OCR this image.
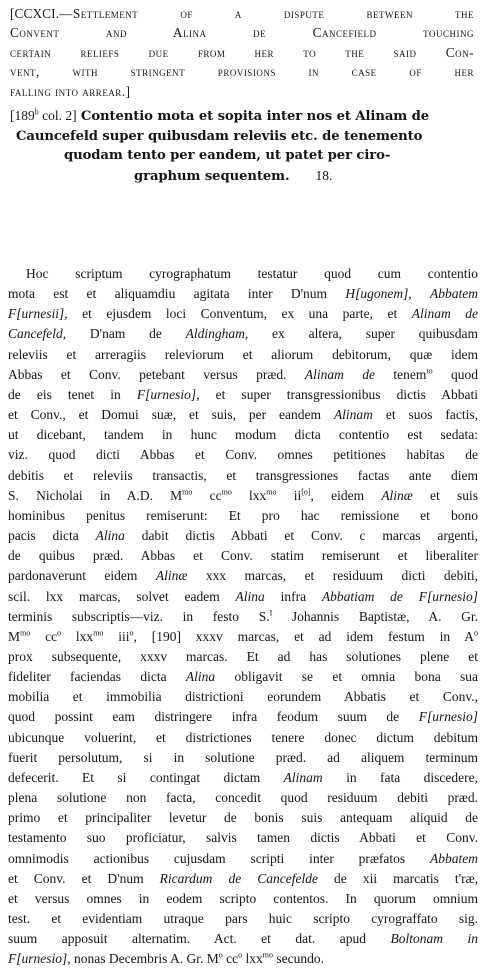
[CCXCI.—Settlement of a dispute between the
Convent and Alina de Cancefield touching
certain reliefs due from her to the said Con-
vent, with stringent provisions in case of her
falling into arrear.]
[189$^b$ col. 2] Contentio mota et sopita inter nos et Alinam de
Cauncefeld super quibusdam releviis etc. de tenemento
quodam tento per eandem, ut patet per ciro-
graphum sequentem. 18.
Hoc scriptum cyrographatum testatur quod cum contentio
mota est et aliquamdiu agitata inter D'num H[ugonem], Abbatem
F[urnesii], et ejusdem loci Conventum, ex una parte, et Alinam de
Cancefeld, D'nam de Aldingham, ex altera, super quibusdam
releviis et arreragiis releviorum et aliorum debitorum, quæ idem
Abbas et Conv. petebant versus præd. Alinam de tenem$^{to}$ quod
de eis tenet in F[urnesio], et super transgressionibus dictis Abbati
et Conv., et Domui suæ, et suis, per eandem Alinam et suos factis,
ut dicebant, tandem in hunc modum dicta contentio est sedata:
viz. quod dicti Abbas et Conv. omnes petitiones habitas de
debitis et releviis transactis, et transgressiones factas ante diem
S. Nicholai in A.D. $M^{mo}$ $cc^{mo}$ lxx$^{mo}$ ii[o], eidem Alinæ et suis
hominibus penitus remiserunt: Et pro hac remissione et bono
pacis dicta Alina dabit dictis Abbati et Conv. c marcas argenti,
de quibus præd. Abbas et Conv. statim remiserunt et liberaliter
pardonaverunt eidem Alinæ xxx marcas, et residuum dicti debiti,
scil. lxx marcas, solvet eadem Alina infra Abbatiam de F[urnesio]
terminis subscriptis—viz. in festo S.$^I$ Johannis Baptistæ, A. Gr.
$M^{mo}$ $cc^o$ lxx$^{mo}$ iii$^o$, [190] xxxv marcas, et ad idem festum in $A^o$
prox subsequente, xxxv marcas. Et ad has solutiones plene et
fideliter faciendas dicta Alina obligavit se et omnia bona sua
mobilia et immobilia districtioni eorundem Abbatis et Conv.,
quod possint eam distringere infra feodum suum de F[urnesio]
ubicunque voluerint, et districtiones tenere donec dictum debitum
fuerit persolutum, si in solutione præd. ad aliquem terminum
defecerit. Et si contingat dictam Alinam in fata discedere,
plena solutione non facta, concedit quod residuum debiti præd.
primo et principaliter levetur de bonis suis antequam aliquid de
testamento suo proficiatur, salvis tamen dictis Abbati et Conv.
omnimodis actionibus cujusdam scripti inter præfatos Abbatem
et Conv. et D'num Ricardum de Cancefelde de xii marcatis t'ræ,
et versus omnes in eodem scripto contentos. In quorum omnium
test. et evidentiam utraque pars huic scripto cyrograffato sig.
suum apposuit alternatim. Act. et dat. apud Boltonam in
F[urnesio], nonas Decembris A. Gr. $M^o$ $cc^o$ lxx$^{mo}$ secundo.
